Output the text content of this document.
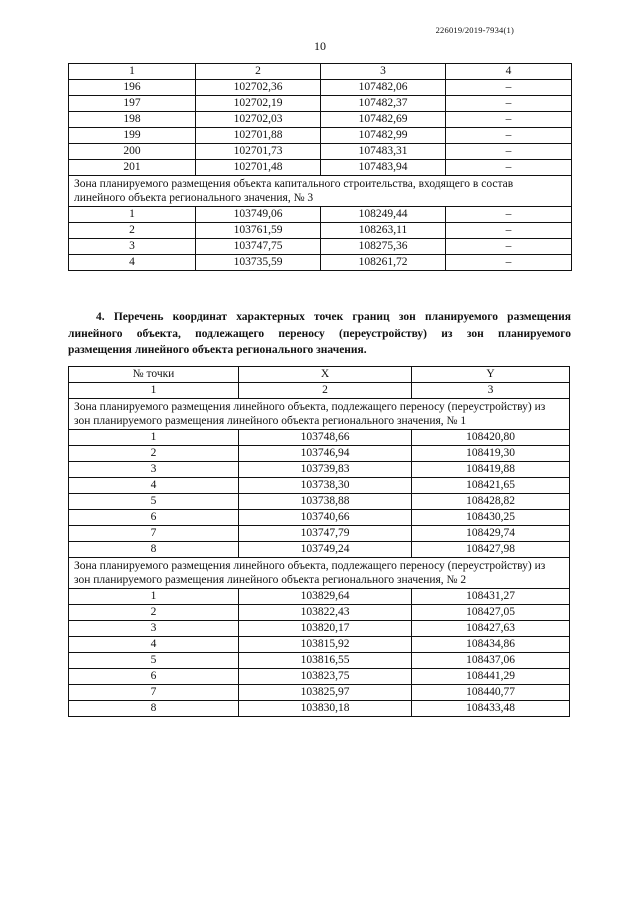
226019/2019-7934(1)
10
1	2	3	4
196	102702,36	107482,06	–
197	102702,19	107482,37	–
198	102702,03	107482,69	–
199	102701,88	107482,99	–
200	102701,73	107483,31	–
201	102701,48	107483,94	–
Зона планируемого размещения объекта капитального строительства, входящего в состав линейного объекта регионального значения, № 3			
1	103749,06	108249,44	–
2	103761,59	108263,11	–
3	103747,75	108275,36	–
4	103735,59	108261,72	–
4. Перечень координат характерных точек границ зон планируемого размещения
линейного объекта, подлежащего переносу (переустройству) из зон планируемого
размещения линейного объекта регионального значения.
№ точки	X	Y
1	2	3
Зона планируемого размещения линейного объекта, подлежащего переносу (переустройству) из зон планируемого размещения линейного объекта регионального значения, № 1		
1	103748,66	108420,80
2	103746,94	108419,30
3	103739,83	108419,88
4	103738,30	108421,65
5	103738,88	108428,82
6	103740,66	108430,25
7	103747,79	108429,74
8	103749,24	108427,98
Зона планируемого размещения линейного объекта, подлежащего переносу (переустройству) из зон планируемого размещения линейного объекта регионального значения, № 2		
1	103829,64	108431,27
2	103822,43	108427,05
3	103820,17	108427,63
4	103815,92	108434,86
5	103816,55	108437,06
6	103823,75	108441,29
7	103825,97	108440,77
8	103830,18	108433,48
